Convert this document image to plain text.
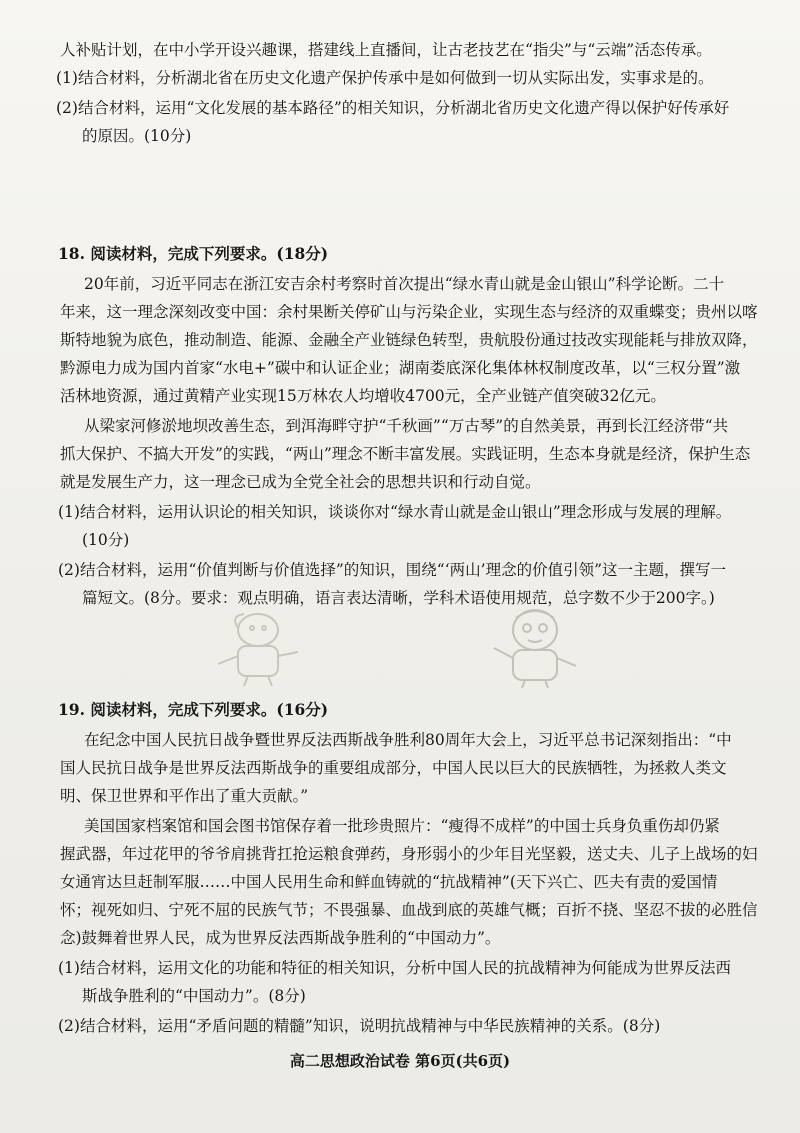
人补贴计划，在中小学开设兴趣课，搭建线上直播间，让古老技艺在“指尖”与“云端”活态传承。
(1)结合材料，分析湖北省在历史文化遗产保护传承中是如何做到一切从实际出发，实事求是的。
(2)结合材料，运用“文化发展的基本路径”的相关知识，分析湖北省历史文化遗产得以保护好传承好
的原因。(10分)
18. 阅读材料，完成下列要求。(18分)
20年前，习近平同志在浙江安吉余村考察时首次提出“绿水青山就是金山银山”科学论断。二十
年来，这一理念深刻改变中国：余村果断关停矿山与污染企业，实现生态与经济的双重蝶变；贵州以喀
斯特地貌为底色，推动制造、能源、金融全产业链绿色转型，贵航股份通过技改实现能耗与排放双降，
黔源电力成为国内首家“水电+”碳中和认证企业；湖南娄底深化集体林权制度改革，以“三权分置”激
活林地资源，通过黄精产业实现15万林农人均增收4700元，全产业链产值突破32亿元。
从梁家河修淤地坝改善生态，到洱海畔守护“千秋画”“万古琴”的自然美景，再到长江经济带“共
抓大保护、不搞大开发”的实践，“两山”理念不断丰富发展。实践证明，生态本身就是经济，保护生态
就是发展生产力，这一理念已成为全党全社会的思想共识和行动自觉。
(1)结合材料，运用认识论的相关知识，谈谈你对“绿水青山就是金山银山”理念形成与发展的理解。
(10分)
(2)结合材料，运用“价值判断与价值选择”的知识，围绕“‘两山’理念的价值引领”这一主题，撰写一
篇短文。(8分。要求：观点明确，语言表达清晰，学科术语使用规范，总字数不少于200字。)
19. 阅读材料，完成下列要求。(16分)
在纪念中国人民抗日战争暨世界反法西斯战争胜利80周年大会上，习近平总书记深刻指出：“中
国人民抗日战争是世界反法西斯战争的重要组成部分，中国人民以巨大的民族牺牲，为拯救人类文
明、保卫世界和平作出了重大贡献。”
美国国家档案馆和国会图书馆保存着一批珍贵照片：“瘦得不成样”的中国士兵身负重伤却仍紧
握武器，年过花甲的爷爷肩挑背扛抢运粮食弹药，身形弱小的少年目光坚毅，送丈夫、儿子上战场的妇
女通宵达旦赶制军服……中国人民用生命和鲜血铸就的“抗战精神”(天下兴亡、匹夫有责的爱国情
怀；视死如归、宁死不屈的民族气节；不畏强暴、血战到底的英雄气概；百折不挠、坚忍不拔的必胜信
念)鼓舞着世界人民，成为世界反法西斯战争胜利的“中国动力”。
(1)结合材料，运用文化的功能和特征的相关知识，分析中国人民的抗战精神为何能成为世界反法西
斯战争胜利的“中国动力”。(8分)
(2)结合材料，运用“矛盾问题的精髓”知识，说明抗战精神与中华民族精神的关系。(8分)
高二思想政治试卷 第6页(共6页)
